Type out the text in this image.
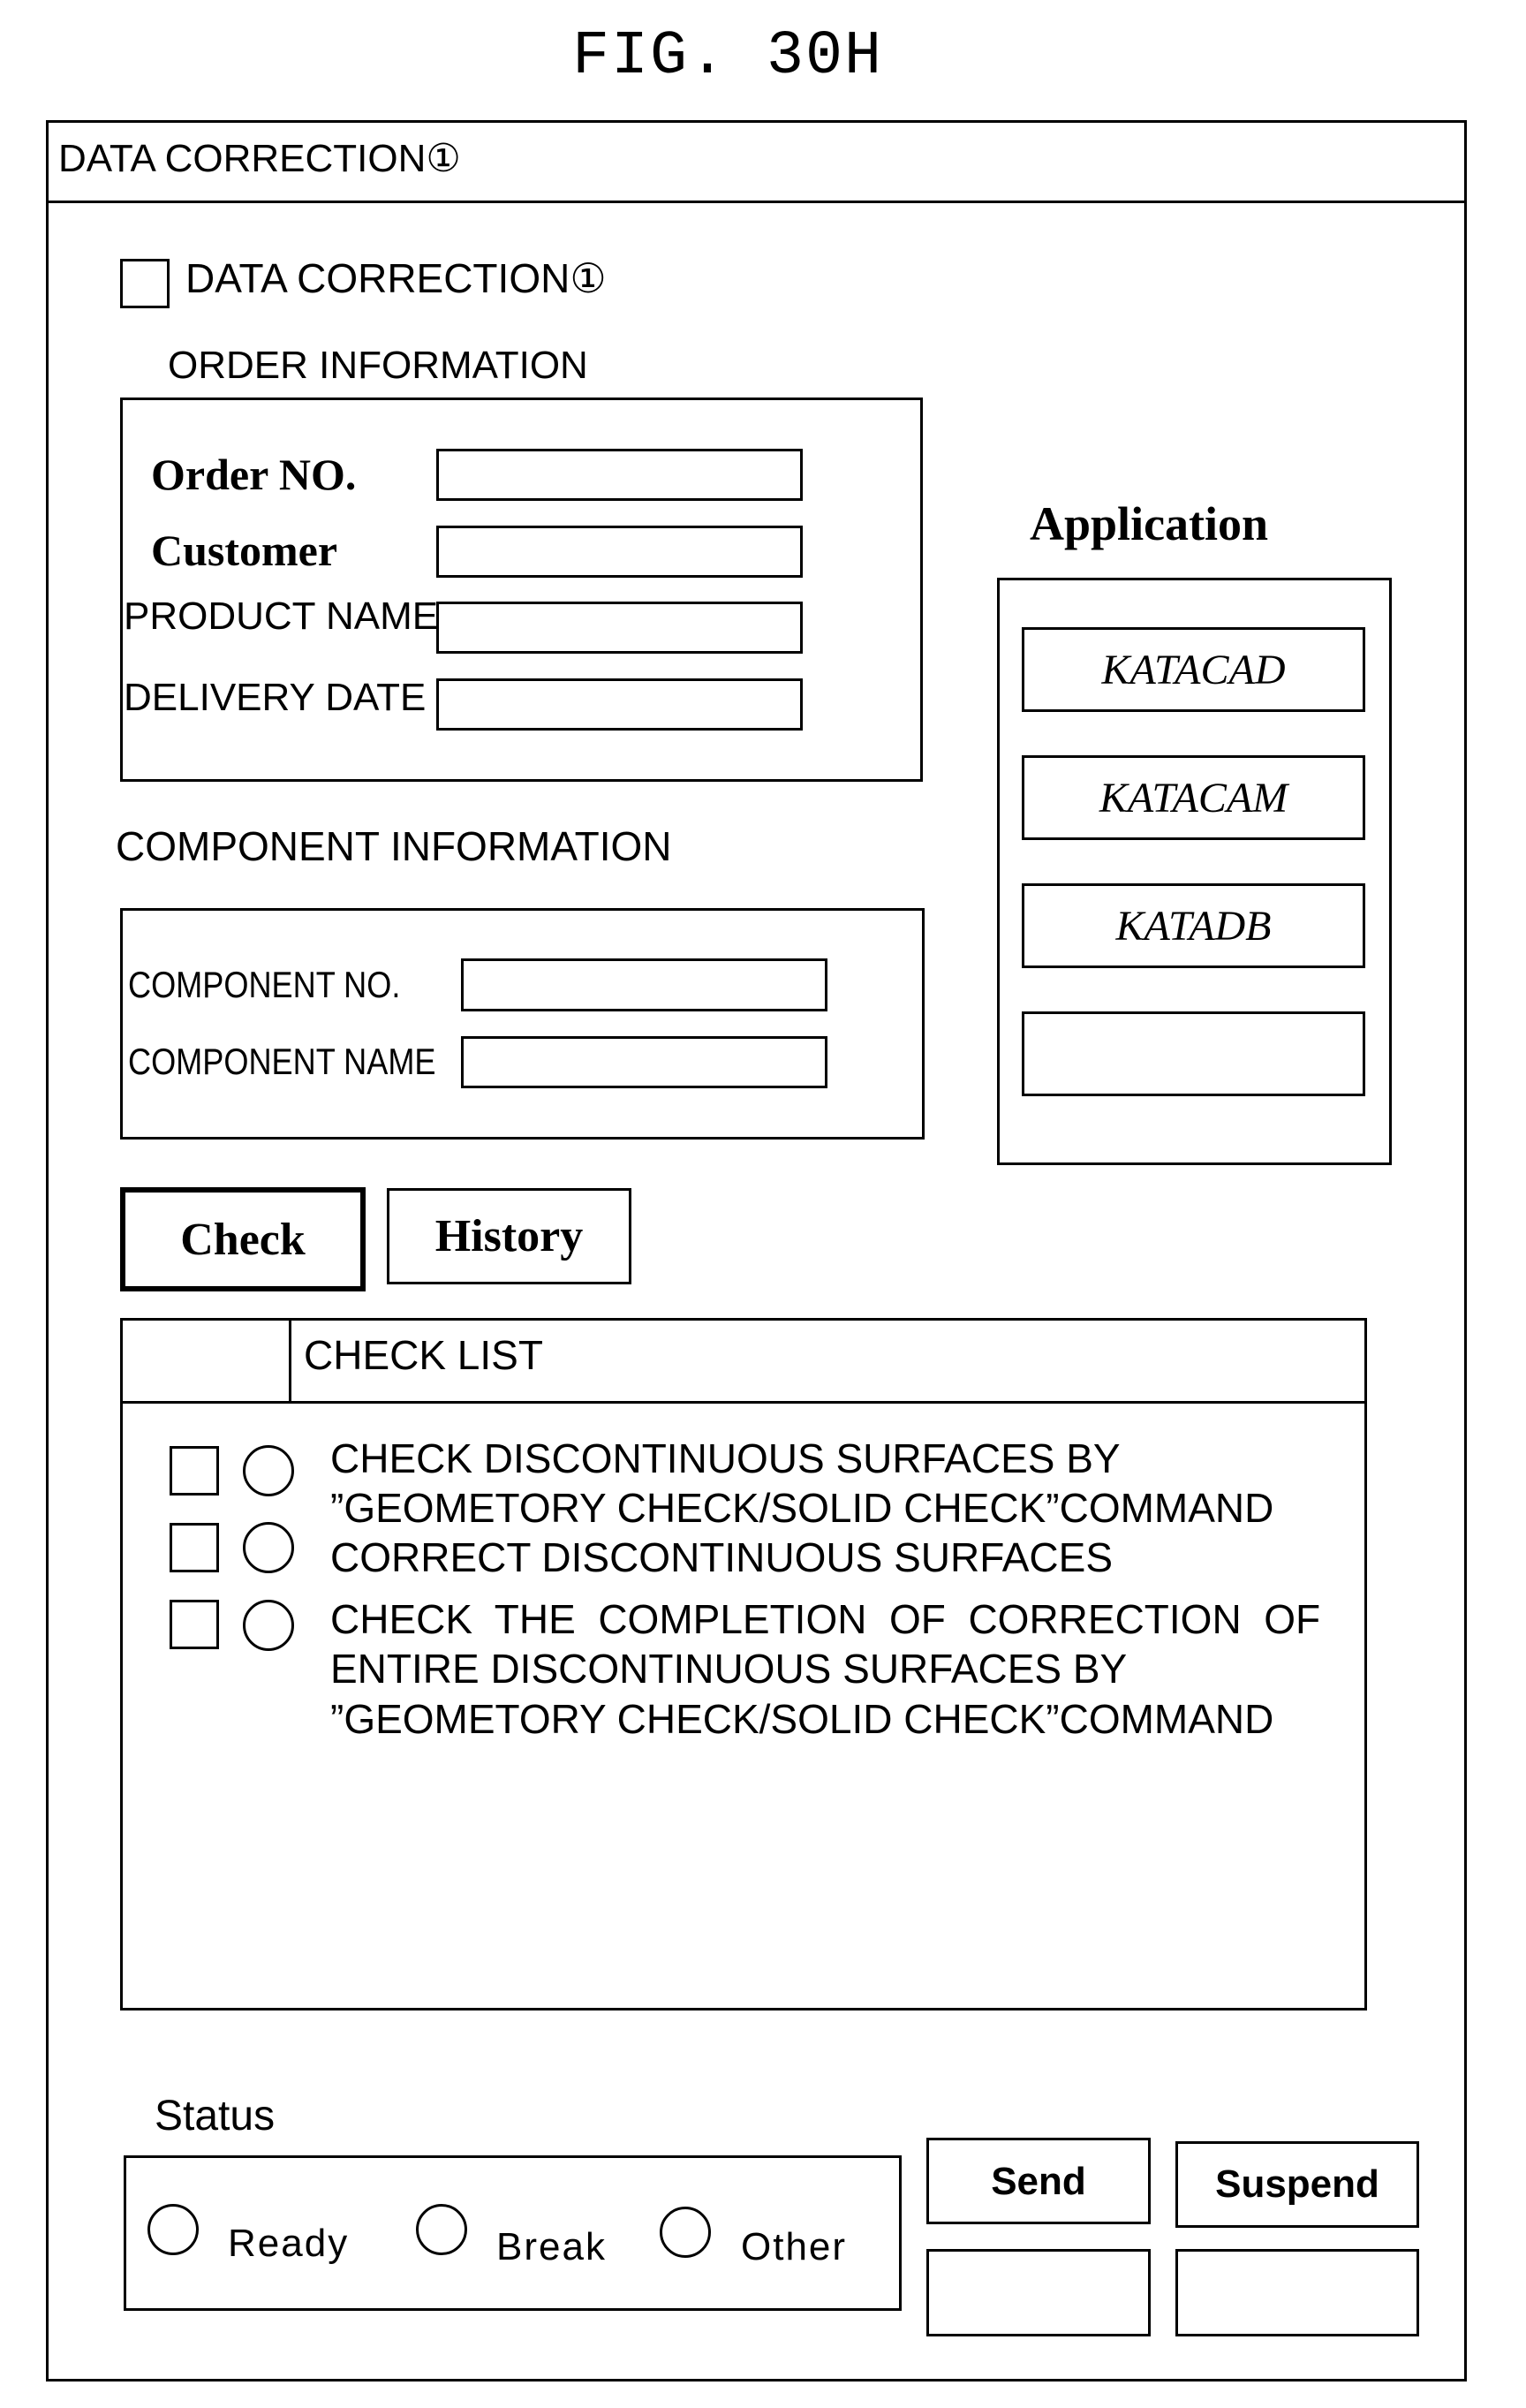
FIG. 30H
DATA CORRECTION①
DATA CORRECTION①
ORDER INFORMATION
Order NO.
Customer
PRODUCT NAME
DELIVERY DATE
COMPONENT INFORMATION
COMPONENT NO.
COMPONENT NAME
Application
KATACAD
KATACAM
KATADB
Check	History
CHECK LIST
CHECK DISCONTINUOUS SURFACES BY
”GEOMETORY CHECK/SOLID CHECK”COMMAND
CORRECT DISCONTINUOUS SURFACES
CHECK  THE  COMPLETION  OF  CORRECTION  OF
ENTIRE DISCONTINUOUS SURFACES BY
”GEOMETORY CHECK/SOLID CHECK”COMMAND
Status
Ready	Break	Other
Send	Suspend
